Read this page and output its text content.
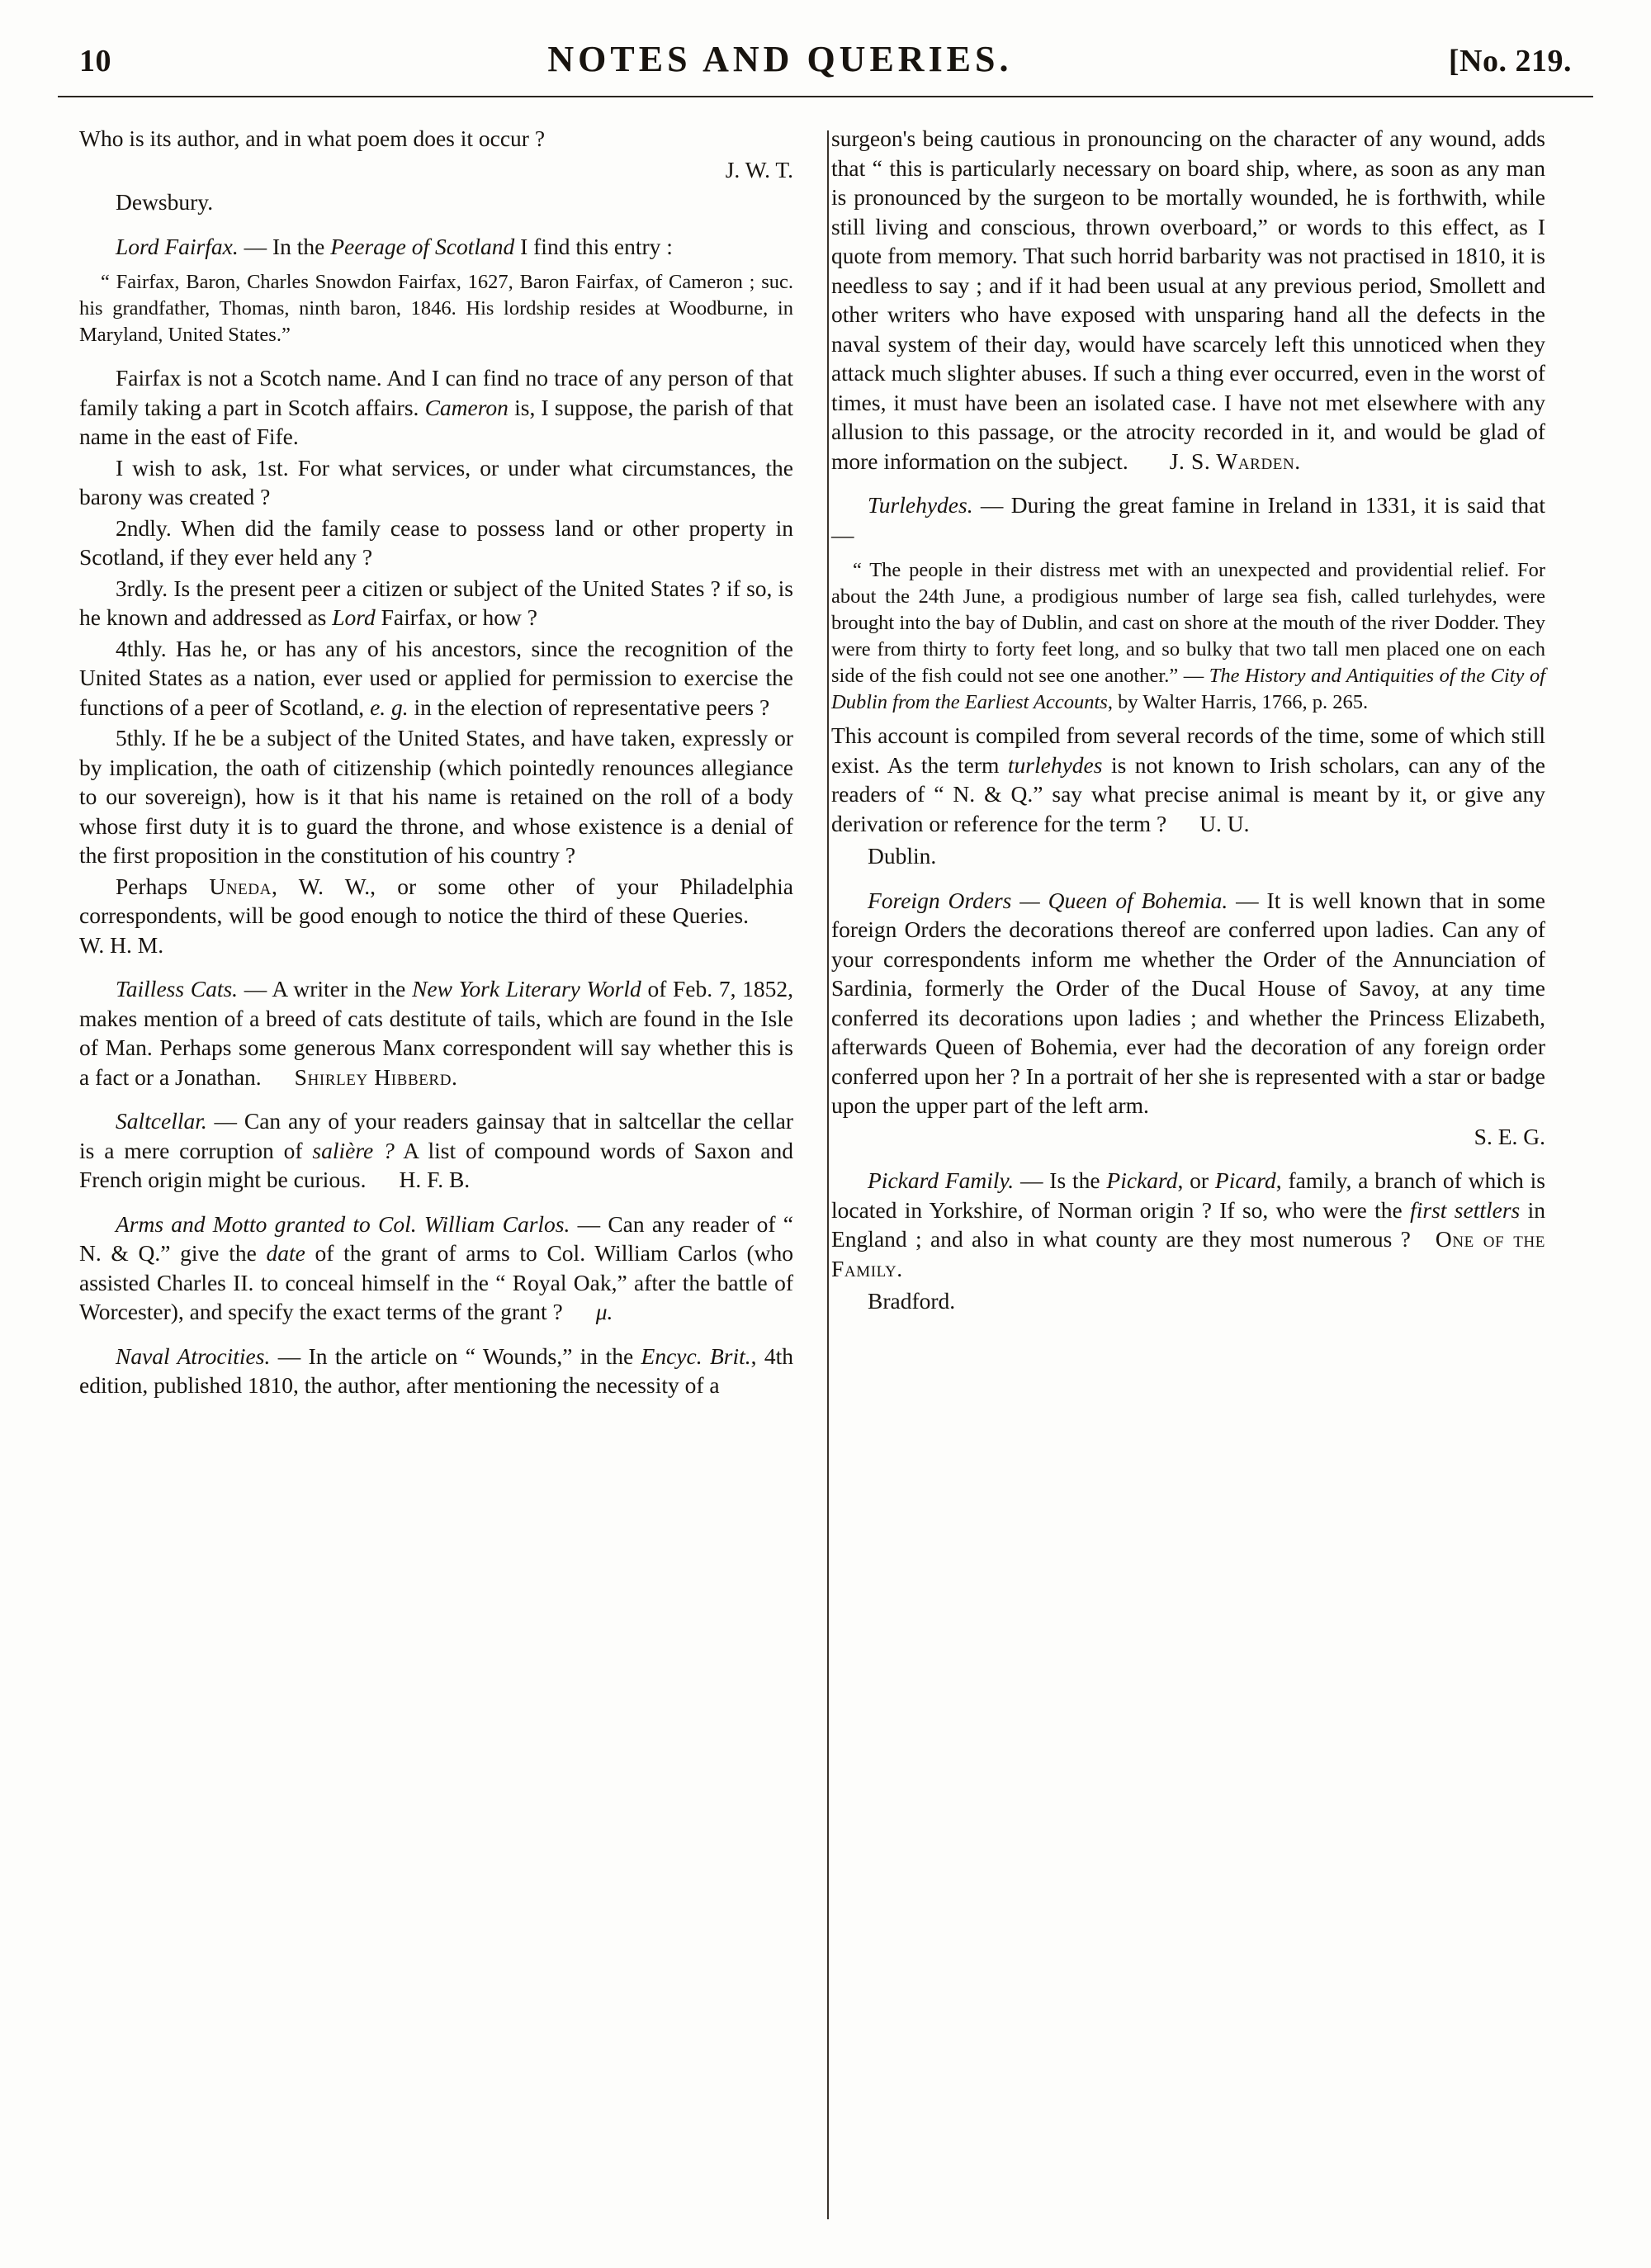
10	NOTES AND QUERIES.	[No. 219.

Who is its author, and in what poem does it occur ?

J. W. T.

Dewsbury.

Lord Fairfax. — In the Peerage of Scotland I find this entry :

“ Fairfax, Baron, Charles Snowdon Fairfax, 1627, Baron Fairfax, of Cameron ; suc. his grandfather, Thomas, ninth baron, 1846. His lordship resides at Woodburne, in Maryland, United States.”

Fairfax is not a Scotch name. And I can find no trace of any person of that family taking a part in Scotch affairs. Cameron is, I suppose, the parish of that name in the east of Fife.

I wish to ask, 1st. For what services, or under what circumstances, the barony was created ?

2ndly. When did the family cease to possess land or other property in Scotland, if they ever held any ?

3rdly. Is the present peer a citizen or subject of the United States ? if so, is he known and addressed as Lord Fairfax, or how ?

4thly. Has he, or has any of his ancestors, since the recognition of the United States as a nation, ever used or applied for permission to exercise the functions of a peer of Scotland, e. g. in the election of representative peers ?

5thly. If he be a subject of the United States, and have taken, expressly or by implication, the oath of citizenship (which pointedly renounces allegiance to our sovereign), how is it that his name is retained on the roll of a body whose first duty it is to guard the throne, and whose existence is a denial of the first proposition in the constitution of his country ?

Perhaps Uneda, W. W., or some other of your Philadelphia correspondents, will be good enough to notice the third of these Queries.W. H. M.

Tailless Cats. — A writer in the New York Literary World of Feb. 7, 1852, makes mention of a breed of cats destitute of tails, which are found in the Isle of Man. Perhaps some generous Manx correspondent will say whether this is a fact or a Jonathan. Shirley Hibberd.

Saltcellar. — Can any of your readers gainsay that in saltcellar the cellar is a mere corruption of salière ? A list of compound words of Saxon and French origin might be curious. H. F. B.

Arms and Motto granted to Col. William Carlos. — Can any reader of “ N. & Q.” give the date of the grant of arms to Col. William Carlos (who assisted Charles II. to conceal himself in the “ Royal Oak,” after the battle of Worcester), and specify the exact terms of the grant ? μ.

Naval Atrocities. — In the article on “ Wounds,” in the Encyc. Brit., 4th edition, published 1810, the author, after mentioning the necessity of a

surgeon's being cautious in pronouncing on the character of any wound, adds that “ this is particularly necessary on board ship, where, as soon as any man is pronounced by the surgeon to be mortally wounded, he is forthwith, while still living and conscious, thrown overboard,” or words to this effect, as I quote from memory. That such horrid barbarity was not practised in 1810, it is needless to say ; and if it had been usual at any previous period, Smollett and other writers who have exposed with unsparing hand all the defects in the naval system of their day, would have scarcely left this unnoticed when they attack much slighter abuses. If such a thing ever occurred, even in the worst of times, it must have been an isolated case. I have not met elsewhere with any allusion to this passage, or the atrocity recorded in it, and would be glad of more information on the subject. J. S. Warden.

Turlehydes. — During the great famine in Ireland in 1331, it is said that —

“ The people in their distress met with an unexpected and providential relief. For about the 24th June, a prodigious number of large sea fish, called turlehydes, were brought into the bay of Dublin, and cast on shore at the mouth of the river Dodder. They were from thirty to forty feet long, and so bulky that two tall men placed one on each side of the fish could not see one another.” — The History and Antiquities of the City of Dublin from the Earliest Accounts, by Walter Harris, 1766, p. 265.

This account is compiled from several records of the time, some of which still exist. As the term turlehydes is not known to Irish scholars, can any of the readers of “ N. & Q.” say what precise animal is meant by it, or give any derivation or reference for the term ? U. U.

Dublin.

Foreign Orders — Queen of Bohemia. — It is well known that in some foreign Orders the decorations thereof are conferred upon ladies. Can any of your correspondents inform me whether the Order of the Annunciation of Sardinia, formerly the Order of the Ducal House of Savoy, at any time conferred its decorations upon ladies ; and whether the Princess Elizabeth, afterwards Queen of Bohemia, ever had the decoration of any foreign order conferred upon her ? In a portrait of her she is represented with a star or badge upon the upper part of the left arm.

S. E. G.

Pickard Family. — Is the Pickard, or Picard, family, a branch of which is located in Yorkshire, of Norman origin ? If so, who were the first settlers in England ; and also in what county are they most numerous ? One of the Family.

Bradford.
